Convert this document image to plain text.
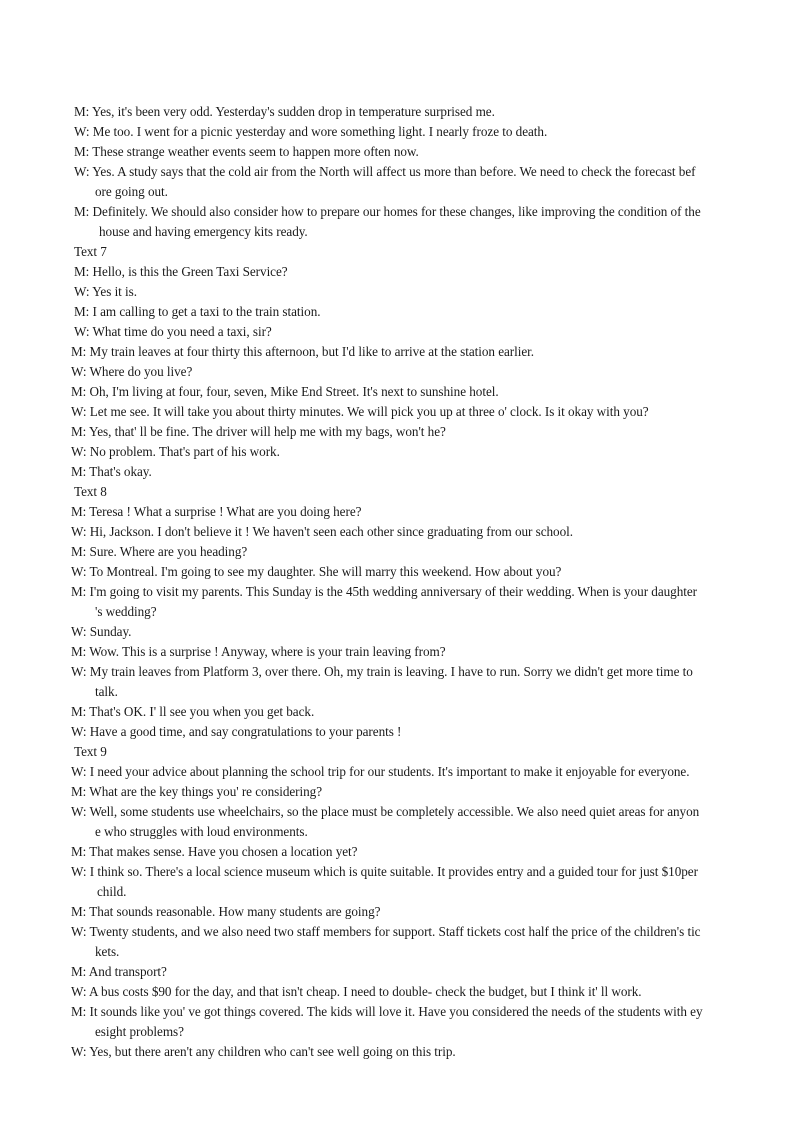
M: Yes, it's been very odd. Yesterday's sudden drop in temperature surprised me.
W: Me too. I went for a picnic yesterday and wore something light. I nearly froze to death.
M: These strange weather events seem to happen more often now.
W: Yes. A study says that the cold air from the North will affect us more than before. We need to check the forecast bef
ore going out.
M: Definitely. We should also consider how to prepare our homes for these changes, like improving the condition of the
house and having emergency kits ready.
Text 7
M: Hello, is this the Green Taxi Service?
W: Yes it is.
M: I am calling to get a taxi to the train station.
W: What time do you need a taxi, sir?
M: My train leaves at four thirty this afternoon, but I'd like to arrive at the station earlier.
W: Where do you live?
M: Oh, I'm living at four, four, seven, Mike End Street. It's next to sunshine hotel.
W: Let me see. It will take you about thirty minutes. We will pick you up at three o' clock. Is it okay with you?
M: Yes, that' ll be fine. The driver will help me with my bags, won't he?
W: No problem. That's part of his work.
M: That's okay.
Text 8
M: Teresa ! What a surprise ! What are you doing here?
W: Hi, Jackson. I don't believe it ! We haven't seen each other since graduating from our school.
M: Sure. Where are you heading?
W: To Montreal. I'm going to see my daughter. She will marry this weekend. How about you?
M: I'm going to visit my parents. This Sunday is the 45th wedding anniversary of their wedding. When is your daughter
's wedding?
W: Sunday.
M: Wow. This is a surprise ! Anyway, where is your train leaving from?
W: My train leaves from Platform 3, over there. Oh, my train is leaving. I have to run. Sorry we didn't get more time to
talk.
M: That's OK. I' ll see you when you get back.
W: Have a good time, and say congratulations to your parents !
Text 9
W: I need your advice about planning the school trip for our students. It's important to make it enjoyable for everyone.
M: What are the key things you' re considering?
W: Well, some students use wheelchairs, so the place must be completely accessible. We also need quiet areas for anyon
e who struggles with loud environments.
M: That makes sense. Have you chosen a location yet?
W: I think so. There's a local science museum which is quite suitable. It provides entry and a guided tour for just $10per
child.
M: That sounds reasonable. How many students are going?
W: Twenty students, and we also need two staff members for support. Staff tickets cost half the price of the children's tic
kets.
M: And transport?
W: A bus costs $90 for the day, and that isn't cheap. I need to double- check the budget, but I think it' ll work.
M: It sounds like you' ve got things covered. The kids will love it. Have you considered the needs of the students with ey
esight problems?
W: Yes, but there aren't any children who can't see well going on this trip.
